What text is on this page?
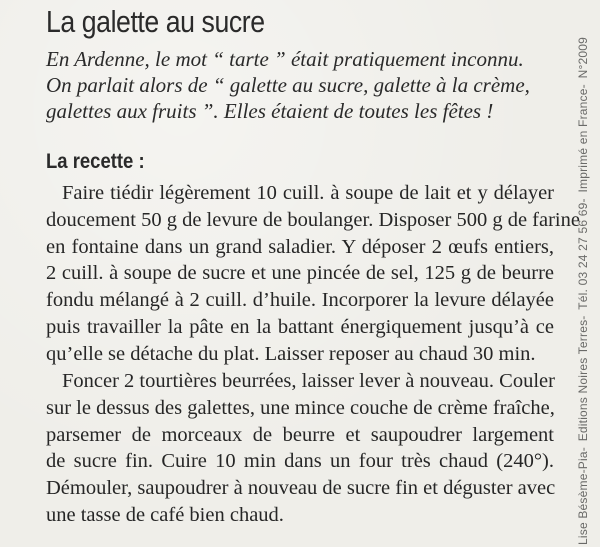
La galette au sucre

En Ardenne, le mot “ tarte ” était pratiquement inconnu.
On parlait alors de “ galette au sucre, galette à la crème,
galettes aux fruits ”. Elles étaient de toutes les fêtes !

La recette :

Faire tiédir légèrement 10 cuill. à soupe de lait et y délayer
doucement 50 g de levure de boulanger. Disposer 500 g de farine
en fontaine dans un grand saladier. Y déposer 2 œufs entiers,
2 cuill. à soupe de sucre et une pincée de sel, 125 g de beurre
fondu mélangé à 2 cuill. d’huile. Incorporer la levure délayée
puis travailler la pâte en la battant énergiquement jusqu’à ce
qu’elle se détache du plat. Laisser reposer au chaud 30 min.

Foncer 2 tourtières beurrées, laisser lever à nouveau. Couler
sur le dessus des galettes, une mince couche de crème fraîche,
parsemer de morceaux de beurre et saupoudrer largement
de sucre fin. Cuire 10 min dans un four très chaud (240°).
Démouler, saupoudrer à nouveau de sucre fin et déguster avec
une tasse de café bien chaud.	Lise Bésème-Pia-Editions Noires Terres-Tél. 03 24 27 56 69-Imprimé en France-N°2009
